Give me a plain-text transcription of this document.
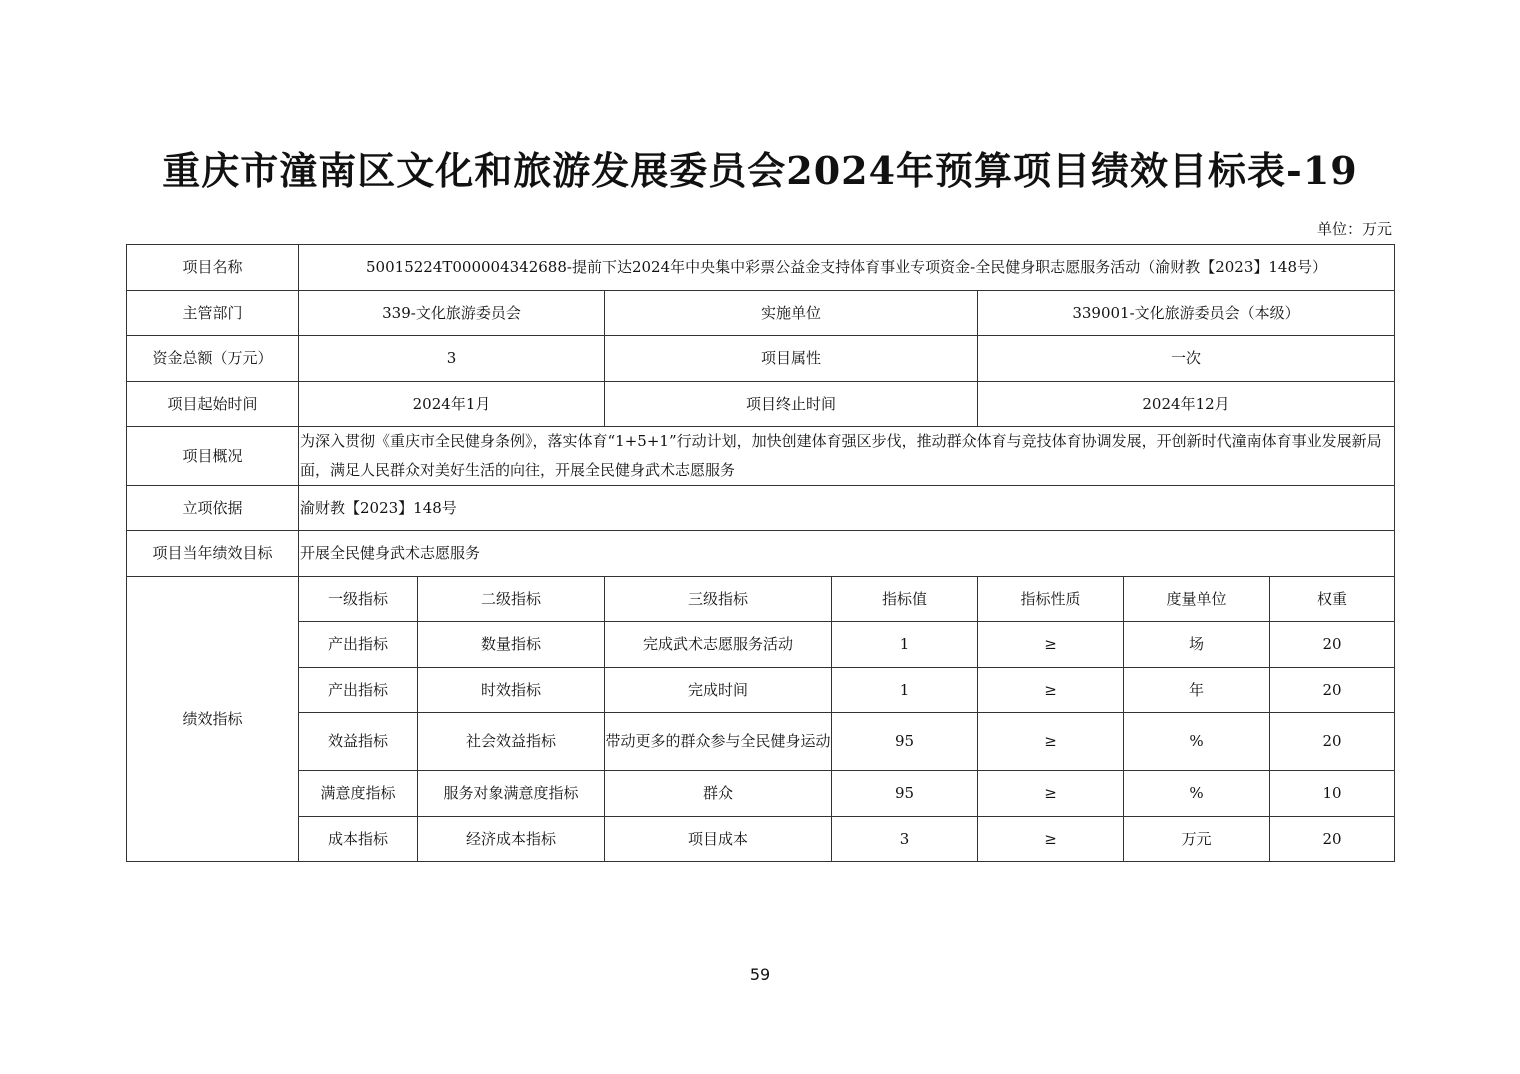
重庆市潼南区文化和旅游发展委员会2024年预算项目绩效目标表-19
单位：万元
项目名称	50015224T000004342688-提前下达2024年中央集中彩票公益金支持体育事业专项资金-全民健身职志愿服务活动（渝财教【2023】148号）						
主管部门	339-文化旅游委员会		实施单位		339001-文化旅游委员会（本级）		
资金总额（万元）	3		项目属性		一次		
项目起始时间	2024年1月		项目终止时间		2024年12月		
项目概况	为深入贯彻《重庆市全民健身条例》，落实体育“1+5+1”行动计划，加快创建体育强区步伐，推动群众体育与竞技体育协调发展，开创新时代潼南体育事业发展新局面，满足人民群众对美好生活的向往，开展全民健身武术志愿服务						
立项依据	渝财教【2023】148号						
项目当年绩效目标	开展全民健身武术志愿服务						
绩效指标	一级指标	二级指标	三级指标	指标值	指标性质	度量单位	权重
	产出指标	数量指标	完成武术志愿服务活动	1	≥	场	20
	产出指标	时效指标	完成时间	1	≥	年	20
	效益指标	社会效益指标	带动更多的群众参与全民健身运动	95	≥	%	20
	满意度指标	服务对象满意度指标	群众	95	≥	%	10
	成本指标	经济成本指标	项目成本	3	≥	万元	20
59
